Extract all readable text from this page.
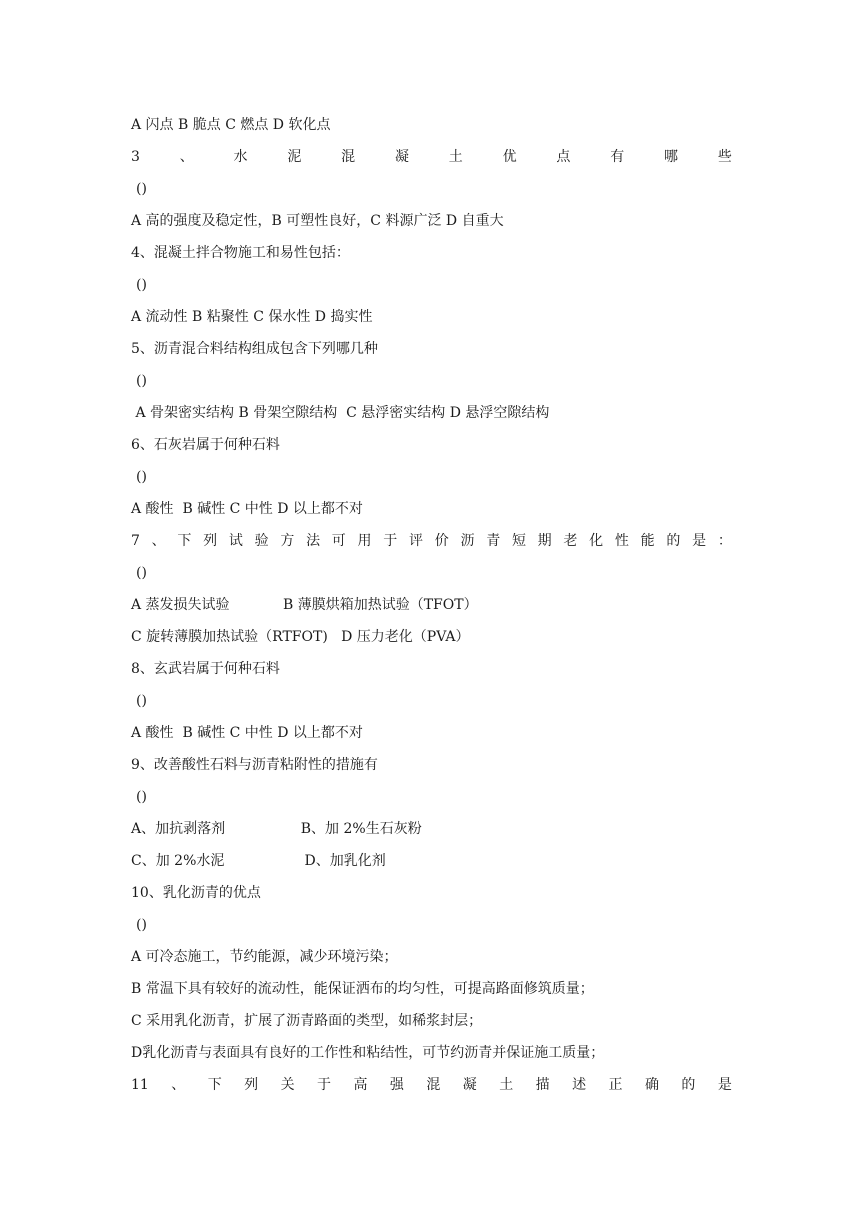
A 闪点 B 脆点 C 燃点 D 软化点
3	、	水	泥	混	凝	土	优	点	有	哪	些
()
A 高的强度及稳定性，B 可塑性良好，C 料源广泛 D 自重大
4、混凝土拌合物施工和易性包括：
()
A 流动性 B 粘聚性 C 保水性 D 捣实性
5、沥青混合料结构组成包含下列哪几种
()
A 骨架密实结构 B 骨架空隙结构  C 悬浮密实结构 D 悬浮空隙结构
6、石灰岩属于何种石料
()
A 酸性  B 碱性 C 中性 D 以上都不对
7 、 下 列 试 验 方 法 可 用 于 评 价 沥 青 短 期 老 化 性 能 的 是 ：
()
A 蒸发损失试验            B 薄膜烘箱加热试验（TFOT）
C 旋转薄膜加热试验（RTFOT)   D 压力老化（PVA）
8、玄武岩属于何种石料
()
A 酸性  B 碱性 C 中性 D 以上都不对
9、改善酸性石料与沥青粘附性的措施有
()
A、加抗剥落剂                 B、加 2%生石灰粉
C、加 2%水泥                  D、加乳化剂
10、乳化沥青的优点
()
A 可冷态施工，节约能源，减少环境污染；
B 常温下具有较好的流动性，能保证洒布的均匀性，可提高路面修筑质量；
C 采用乳化沥青，扩展了沥青路面的类型，如稀浆封层；
D乳化沥青与表面具有良好的工作性和粘结性，可节约沥青并保证施工质量；
11 、 下 列 关 于 高 强 混 凝 土 描 述 正 确 的 是
